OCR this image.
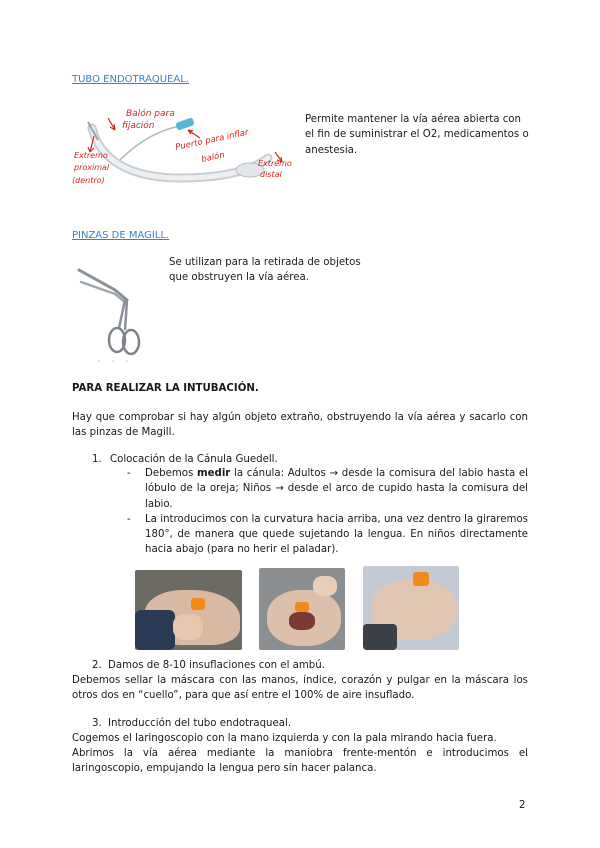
TUBO ENDOTRAQUEAL.
Balón para
fijación
Puerto para inflar
balón
Extremo
proximal
(dentro)
Extremo
distal
Permite mantener la vía aérea abierta con el fin de suministrar el O2, medicamentos o anestesia.
PINZAS DE MAGILL.
Se utilizan para la retirada de objetos
que obstruyen la vía aérea.
PARA REALIZAR LA INTUBACIÓN.
Hay que comprobar si hay algún objeto extraño, obstruyendo la vía aérea y sacarlo con las pinzas de Magill.
1. Colocación de la Cánula Guedell.
- Debemos medir la cánula: Adultos → desde la comisura del labio hasta el lóbulo de la oreja; Niños → desde el arco de cupido hasta la comisura del labio.
- La introducimos con la curvatura hacia arriba, una vez dentro la giraremos 180°, de manera que quede sujetando la lengua. En niños directamente hacia abajo (para no herir el paladar).
2. Damos de 8-10 insuflaciones con el ambú.
Debemos sellar la máscara con las manos, índice, corazón y pulgar en la máscara los otros dos en “cuello”, para que así entre el 100% de aire insuflado.
3. Introducción del tubo endotraqueal.
Cogemos el laringoscopio con la mano izquierda y con la pala mirando hacia fuera.
Abrimos la vía aérea mediante la maniobra frente-mentón e introducimos el laringoscopio, empujando la lengua pero sin hacer palanca.
2
